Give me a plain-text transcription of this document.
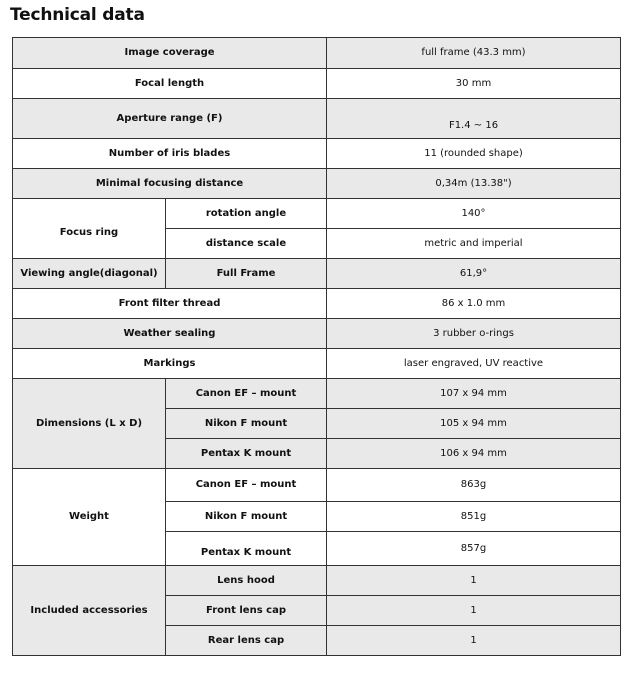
Technical data
Image coverage		full frame (43.3 mm)
Focal length		30 mm
Aperture range (F)		F1.4 ~ 16
Number of iris blades		11 (rounded shape)
Minimal focusing distance		0,34m (13.38")
Focus ring	rotation angle	140°
	distance scale	metric and imperial
Viewing angle(diagonal)	Full Frame	61,9°
Front filter thread		86 x 1.0 mm
Weather sealing		3 rubber o-rings
Markings		laser engraved, UV reactive
Dimensions (L x D)	Canon EF – mount	107 x 94 mm
	Nikon F mount	105 x 94 mm
	Pentax K mount	106 x 94 mm
Weight	Canon EF – mount	863g
	Nikon F mount	851g
	Pentax K mount	857g
Included accessories	Lens hood	1
	Front lens cap	1
	Rear lens cap	1
